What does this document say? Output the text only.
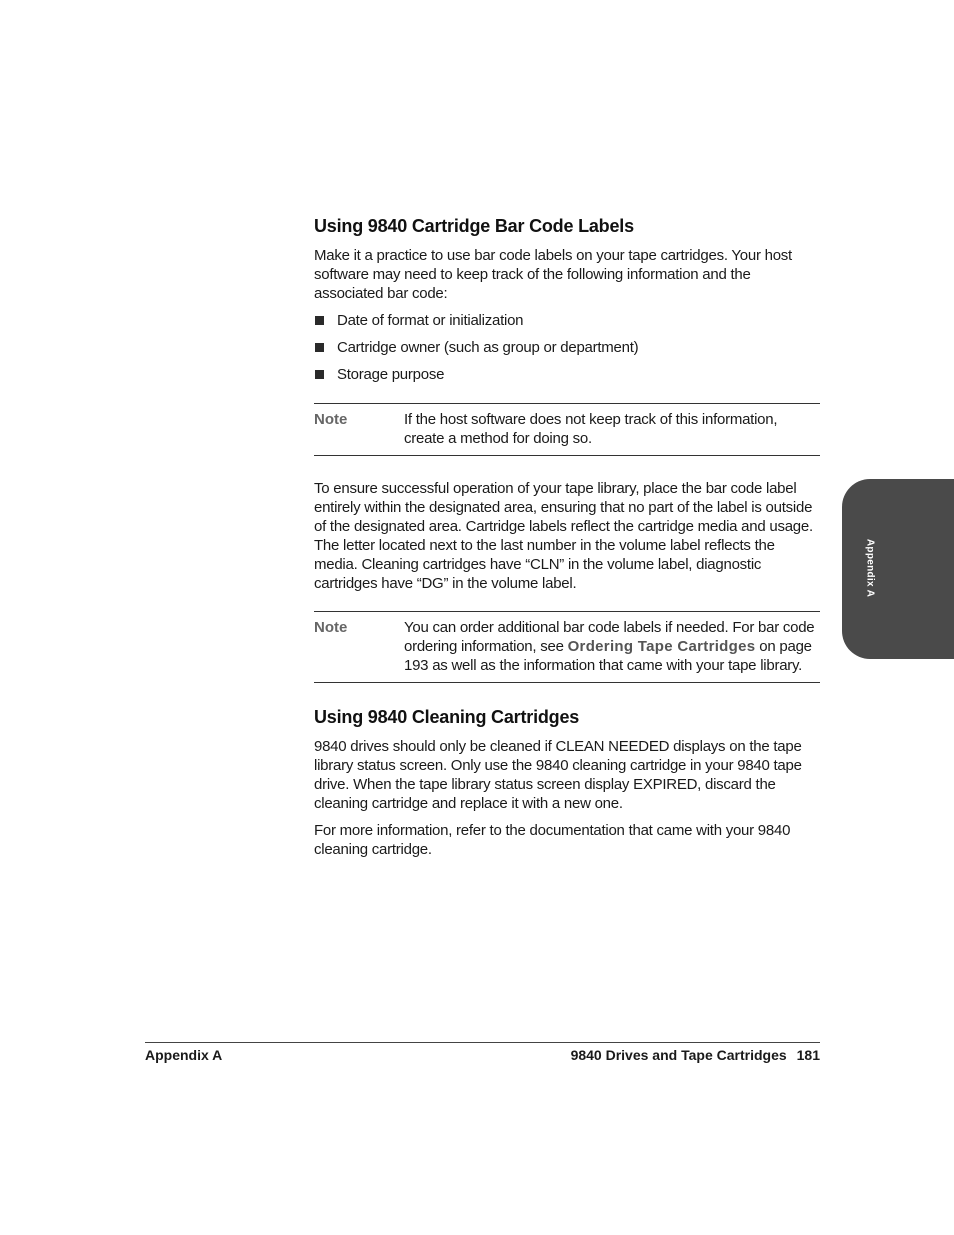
Using 9840 Cartridge Bar Code Labels

Make it a practice to use bar code labels on your tape cartridges. Your host software may need to keep track of the following information and the associated bar code:

Date of format or initialization
Cartridge owner (such as group or department)
Storage purpose
Note	If the host software does not keep track of this information, create a method for doing so.

To ensure successful operation of your tape library, place the bar code label entirely within the designated area, ensuring that no part of the label is outside of the designated area. Cartridge labels reflect the cartridge media and usage. The letter located next to the last number in the volume label reflects the media. Cleaning cartridges have “CLN” in the volume label, diagnostic cartridges have “DG” in the volume label.

Note	You can order additional bar code labels if needed. For bar code ordering information, see Ordering Tape Cartridges on page 193 as well as the information that came with your tape library.
Using 9840 Cleaning Cartridges

9840 drives should only be cleaned if CLEAN NEEDED displays on the tape library status screen. Only use the 9840 cleaning cartridge in your 9840 tape drive. When the tape library status screen display EXPIRED, discard the cleaning cartridge and replace it with a new one.

For more information, refer to the documentation that came with your 9840 cleaning cartridge.

Appendix A	9840 Drives and Tape Cartridges 181
Appendix A
